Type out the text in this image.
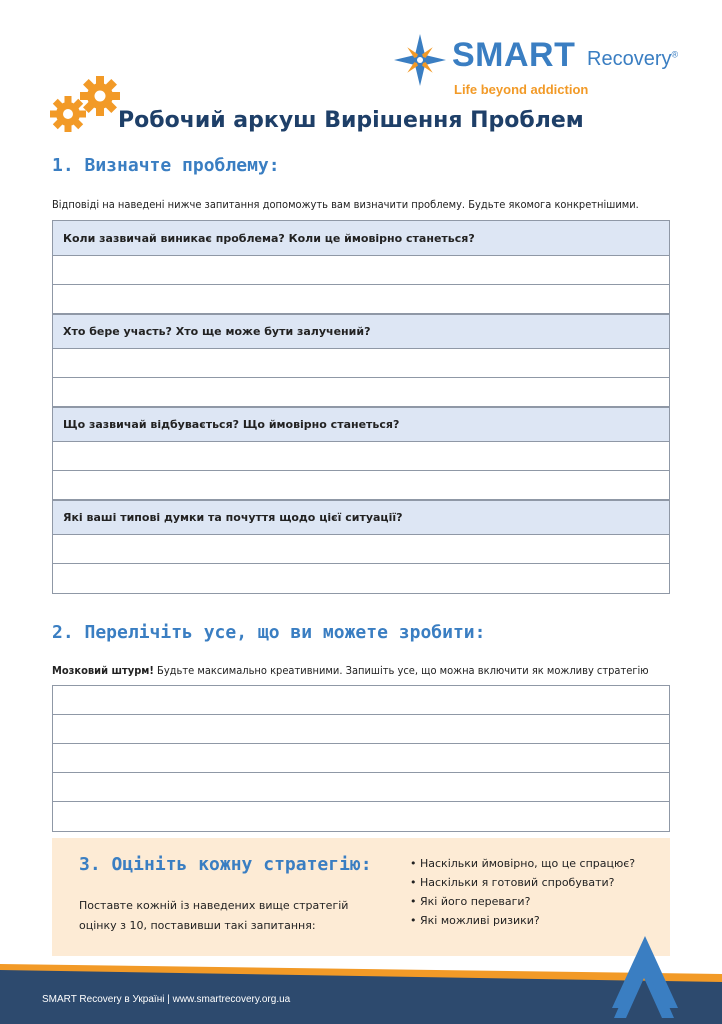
SMART Recovery®
Life beyond addiction
Робочий аркуш Вирішення Проблем
1. Визначте проблему:
Відповіді на наведені нижче запитання допоможуть вам визначити проблему. Будьте якомога конкретнішими.
Коли зазвичай виникає проблема? Коли це ймовірно станеться?
Хто бере участь? Хто ще може бути залучений?
Що зазвичай відбувається? Що ймовірно станеться?
Які ваші типові думки та почуття щодо цієї ситуації?
2. Перелічіть усе, що ви можете зробити:
Мозковий штурм! Будьте максимально креативними. Запишіть усе, що можна включити як можливу стратегію
3. Оцініть кожну стратегію:
Поставте кожній із наведених вище стратегій оцінку з 10, поставивши такі запитання:
• Наскільки ймовірно, що це спрацює?
• Наскільки я готовий спробувати?
• Які його переваги?
• Які можливі ризики?
SMART Recovery в Україні | www.smartrecovery.org.ua
